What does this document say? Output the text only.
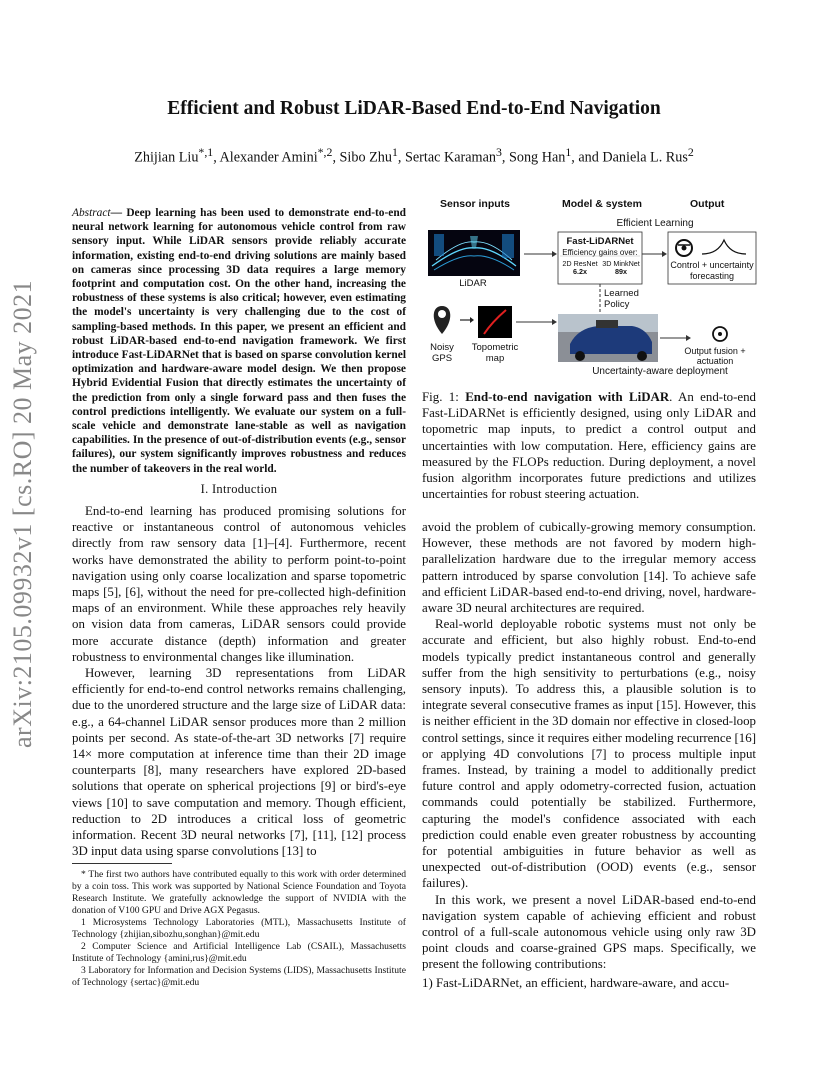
Efficient and Robust LiDAR-Based End-to-End Navigation
Zhijian Liu$^{*,1}$, Alexander Amini$^{*,2}$, Sibo Zhu$^1$, Sertac Karaman$^3$, Song Han$^1$, and Daniela L. Rus$^2$
arXiv:2105.09932v1 [cs.RO] 20 May 2021
Abstract— Deep learning has been used to demonstrate end-to-end neural network learning for autonomous vehicle control from raw sensory input. While LiDAR sensors provide reliably accurate information, existing end-to-end driving solutions are mainly based on cameras since processing 3D data requires a large memory footprint and computation cost. On the other hand, increasing the robustness of these systems is also critical; however, even estimating the model's uncertainty is very challenging due to the cost of sampling-based methods. In this paper, we present an efficient and robust LiDAR-based end-to-end navigation framework. We first introduce Fast-LiDARNet that is based on sparse convolution kernel optimization and hardware-aware model design. We then propose Hybrid Evidential Fusion that directly estimates the uncertainty of the prediction from only a single forward pass and then fuses the control predictions intelligently. We evaluate our system on a full-scale vehicle and demonstrate lane-stable as well as navigation capabilities. In the presence of out-of-distribution events (e.g., sensor failures), our system significantly improves robustness and reduces the number of takeovers in the real world.
I. Introduction

End-to-end learning has produced promising solutions for reactive or instantaneous control of autonomous vehicles directly from raw sensory data [1]–[4]. Furthermore, recent works have demonstrated the ability to perform point-to-point navigation using only coarse localization and sparse topometric maps [5], [6], without the need for pre-collected high-definition maps of an environment. While these approaches rely heavily on vision data from cameras, LiDAR sensors could provide more accurate distance (depth) information and greater robustness to environmental changes like illumination.

However, learning 3D representations from LiDAR efficiently for end-to-end control networks remains challenging, due to the unordered structure and the large size of LiDAR data: e.g., a 64-channel LiDAR sensor produces more than 2 million points per second. As state-of-the-art 3D networks [7] require 14× more computation at inference time than their 2D image counterparts [8], many researchers have explored 2D-based solutions that operate on spherical projections [9] or bird's-eye views [10] to save computation and memory. Though efficient, reduction to 2D introduces a critical loss of geometric information. Recent 3D neural networks [7], [11], [12] process 3D input data using sparse convolutions [13] to

* The first two authors have contributed equally to this work with order determined by a coin toss. This work was supported by National Science Foundation and Toyota Research Institute. We gratefully acknowledge the support of NVIDIA with the donation of V100 GPU and Drive AGX Pegasus.
1 Microsystems Technology Laboratories (MTL), Massachusetts Institute of Technology {zhijian,sibozhu,songhan}@mit.edu
2 Computer Science and Artificial Intelligence Lab (CSAIL), Massachusetts Institute of Technology {amini,rus}@mit.edu
3 Laboratory for Information and Decision Systems (LIDS), Massachusetts Institute of Technology {sertac}@mit.edu
Sensor inputs	Model & system	Output
Efficient Learning
Fast-LiDARNet
Efficiency gains over:
2D ResNet
6.2x
3D MinkNet
89x
LiDAR
Noisy GPS
Topometric map
Learned Policy
Control + uncertainty forecasting
Output fusion + actuation
Uncertainty-aware deployment
Fig. 1: End-to-end navigation with LiDAR. An end-to-end Fast-LiDARNet is efficiently designed, using only LiDAR and topometric map inputs, to predict a control output and uncertainties with low computation. Here, efficiency gains are measured by the FLOPs reduction. During deployment, a novel fusion algorithm incorporates future predictions and utilizes uncertainties for robust steering actuation.

avoid the problem of cubically-growing memory consumption. However, these methods are not favored by modern high-parallelization hardware due to the irregular memory access pattern introduced by sparse convolution [14]. To achieve safe and efficient LiDAR-based end-to-end driving, novel, hardware-aware 3D neural architectures are required.

Real-world deployable robotic systems must not only be accurate and efficient, but also highly robust. End-to-end models typically predict instantaneous control and generally suffer from the high sensitivity to perturbations (e.g., noisy sensory inputs). To address this, a plausible solution is to integrate several consecutive frames as input [15]. However, this is neither efficient in the 3D domain nor effective in closed-loop control settings, since it requires either modeling recurrence [16] or applying 4D convolutions [7] to process multiple input frames. Instead, by training a model to additionally predict future control and apply odometry-corrected fusion, actuation commands could potentially be stabilized. Furthermore, capturing the model's confidence associated with each prediction could enable even greater robustness by accounting for potential ambiguities in future behavior as well as unexpected out-of-distribution (OOD) events (e.g., sensor failures).

In this work, we present a novel LiDAR-based end-to-end navigation system capable of achieving efficient and robust control of a full-scale autonomous vehicle using only raw 3D point clouds and coarse-grained GPS maps. Specifically, we present the following contributions:

1) Fast-LiDARNet, an efficient, hardware-aware, and accu-
